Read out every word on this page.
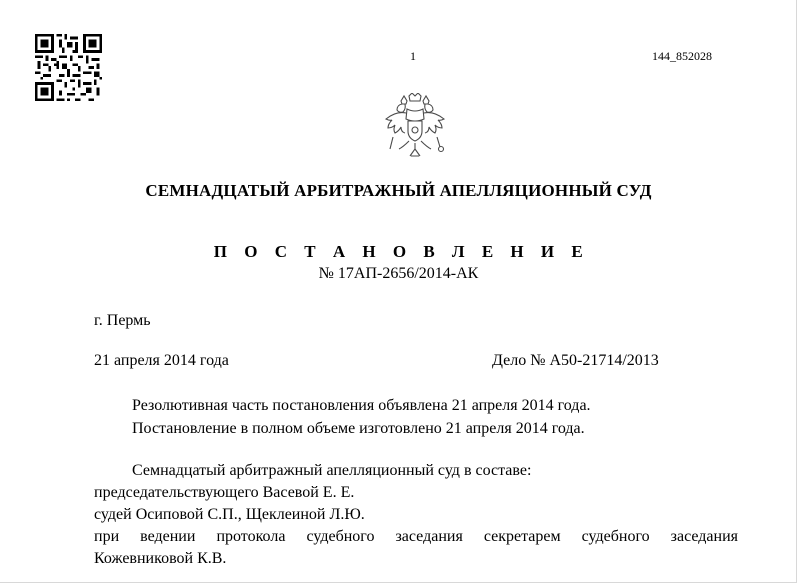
1	144_852028
СЕМНАДЦАТЫЙ АРБИТРАЖНЫЙ АПЕЛЛЯЦИОННЫЙ СУД
П О С Т А Н О В Л Е Н И Е
№ 17АП-2656/2014-АК
г. Пермь
21 апреля 2014 года	Дело № А50-21714/2013
Резолютивная часть постановления объявлена 21 апреля 2014 года.
Постановление в полном объеме изготовлено 21 апреля 2014 года.
Семнадцатый арбитражный апелляционный суд в составе:
председательствующего Васевой Е. Е.
судей Осиповой С.П., Щеклеиной Л.Ю.
при ведении протокола судебного заседания секретарем судебного заседания
Кожевниковой К.В.
